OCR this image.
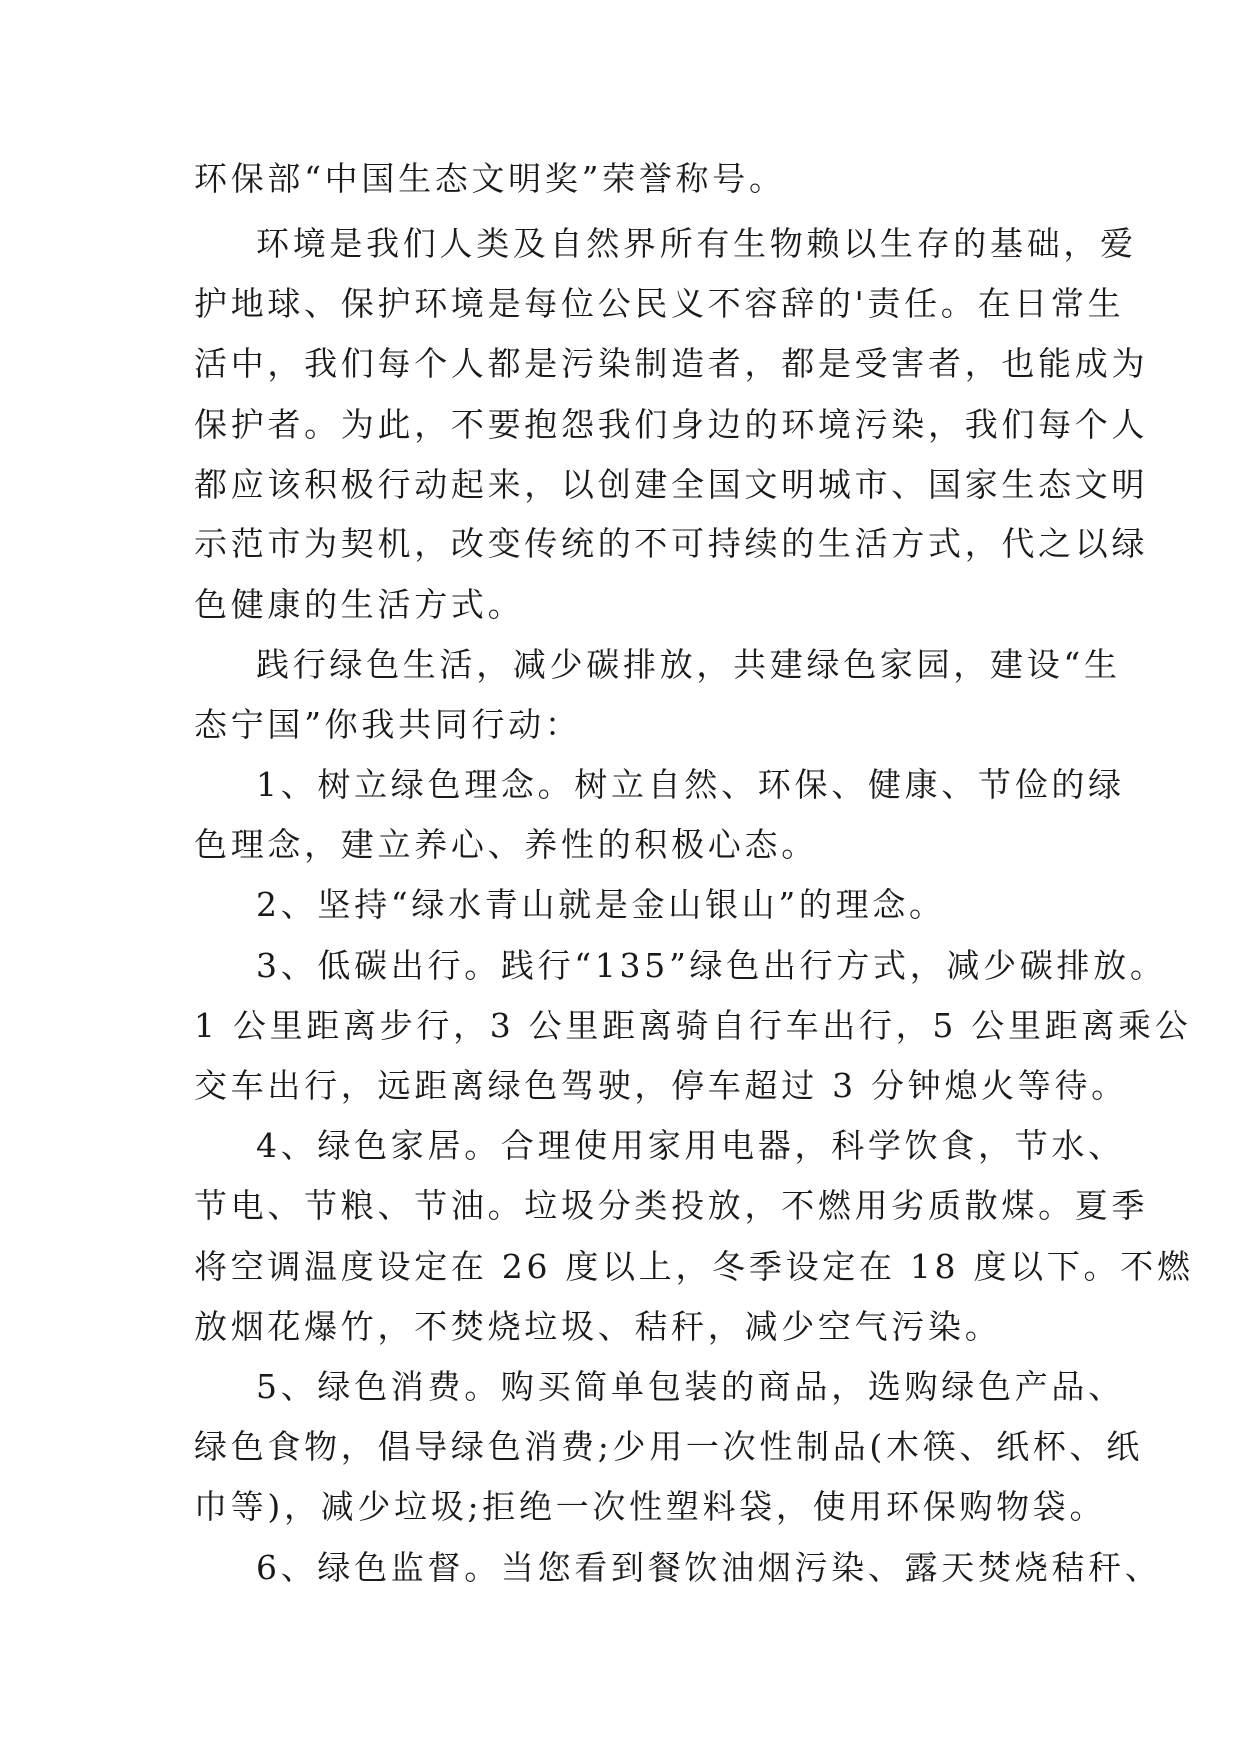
环保部“中国生态文明奖”荣誉称号。
环境是我们人类及自然界所有生物赖以生存的基础，爱
护地球、保护环境是每位公民义不容辞的'责任。在日常生
活中，我们每个人都是污染制造者，都是受害者，也能成为
保护者。为此，不要抱怨我们身边的环境污染，我们每个人
都应该积极行动起来，以创建全国文明城市、国家生态文明
示范市为契机，改变传统的不可持续的生活方式，代之以绿
色健康的生活方式。
践行绿色生活，减少碳排放，共建绿色家园，建设“生
态宁国”你我共同行动：
1、树立绿色理念。树立自然、环保、健康、节俭的绿
色理念，建立养心、养性的积极心态。
2、坚持“绿水青山就是金山银山”的理念。
3、低碳出行。践行“135”绿色出行方式，减少碳排放。
1 公里距离步行，3 公里距离骑自行车出行，5 公里距离乘公
交车出行，远距离绿色驾驶，停车超过 3 分钟熄火等待。
4、绿色家居。合理使用家用电器，科学饮食，节水、
节电、节粮、节油。垃圾分类投放，不燃用劣质散煤。夏季
将空调温度设定在 26 度以上，冬季设定在 18 度以下。不燃
放烟花爆竹，不焚烧垃圾、秸秆，减少空气污染。
5、绿色消费。购买简单包装的商品，选购绿色产品、
绿色食物，倡导绿色消费;少用一次性制品(木筷、纸杯、纸
巾等)，减少垃圾;拒绝一次性塑料袋，使用环保购物袋。
6、绿色监督。当您看到餐饮油烟污染、露天焚烧秸秆、
